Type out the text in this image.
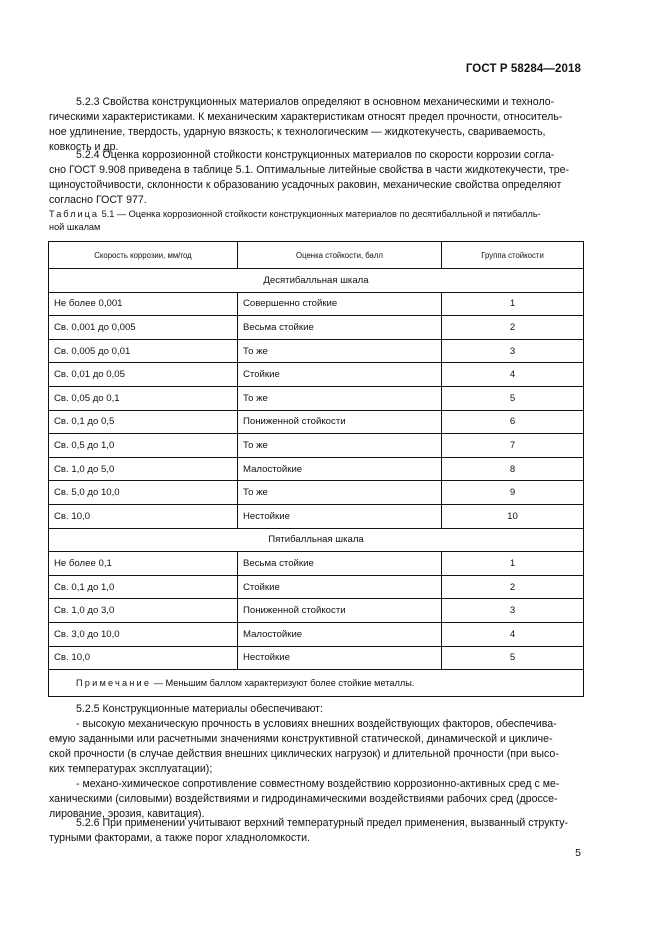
ГОСТ Р 58284—2018
5.2.3 Свойства конструкционных материалов определяют в основном механическими и техноло-
гическими характеристиками. К механическим характеристикам относят предел прочности, относитель-
ное удлинение, твердость, ударную вязкость; к технологическим — жидкотекучесть, свариваемость,
ковкость и др.
5.2.4 Оценка коррозионной стойкости конструкционных материалов по скорости коррозии согла-
сно ГОСТ 9.908 приведена в таблице 5.1. Оптимальные литейные свойства в части жидкотекучести, тре-
щиноустойчивости, склонности к образованию усадочных раковин, механические свойства определяют
согласно ГОСТ 977.
Таблица 5.1 — Оценка коррозионной стойкости конструкционных материалов по десятибалльной и пятибалль-
ной шкалам
Скорость коррозии, мм/год	Оценка стойкости, балл	Группа стойкости
Десятибалльная шкала		
Не более 0,001	Совершенно стойкие	1
Св. 0,001 до 0,005	Весьма стойкие	2
Св. 0,005 до 0,01	То же	3
Св. 0,01 до 0,05	Стойкие	4
Св. 0,05 до 0,1	То же	5
Св. 0,1 до 0,5	Пониженной стойкости	6
Св. 0,5 до 1,0	То же	7
Св. 1,0 до 5,0	Малостойкие	8
Св. 5,0 до 10,0	То же	9
Св. 10,0	Нестойкие	10
Пятибалльная шкала		
Не более 0,1	Весьма стойкие	1
Св. 0,1 до 1,0	Стойкие	2
Св. 1,0 до 3,0	Пониженной стойкости	3
Св. 3,0 до 10,0	Малостойкие	4
Св. 10,0	Нестойкие	5
Примечание — Меньшим баллом характеризуют более стойкие металлы.		
5.2.5 Конструкционные материалы обеспечивают:
- высокую механическую прочность в условиях внешних воздействующих факторов, обеспечива-
емую заданными или расчетными значениями конструктивной статической, динамической и цикличе-
ской прочности (в случае действия внешних циклических нагрузок) и длительной прочности (при высо-
ких температурах эксплуатации);
- механо-химическое сопротивление совместному воздействию коррозионно-активных сред с ме-
ханическими (силовыми) воздействиями и гидродинамическими воздействиями рабочих сред (дроссе-
лирование, эрозия, кавитация).
5.2.6 При применении учитывают верхний температурный предел применения, вызванный структу-
турными факторами, а также порог хладноломкости.
5
